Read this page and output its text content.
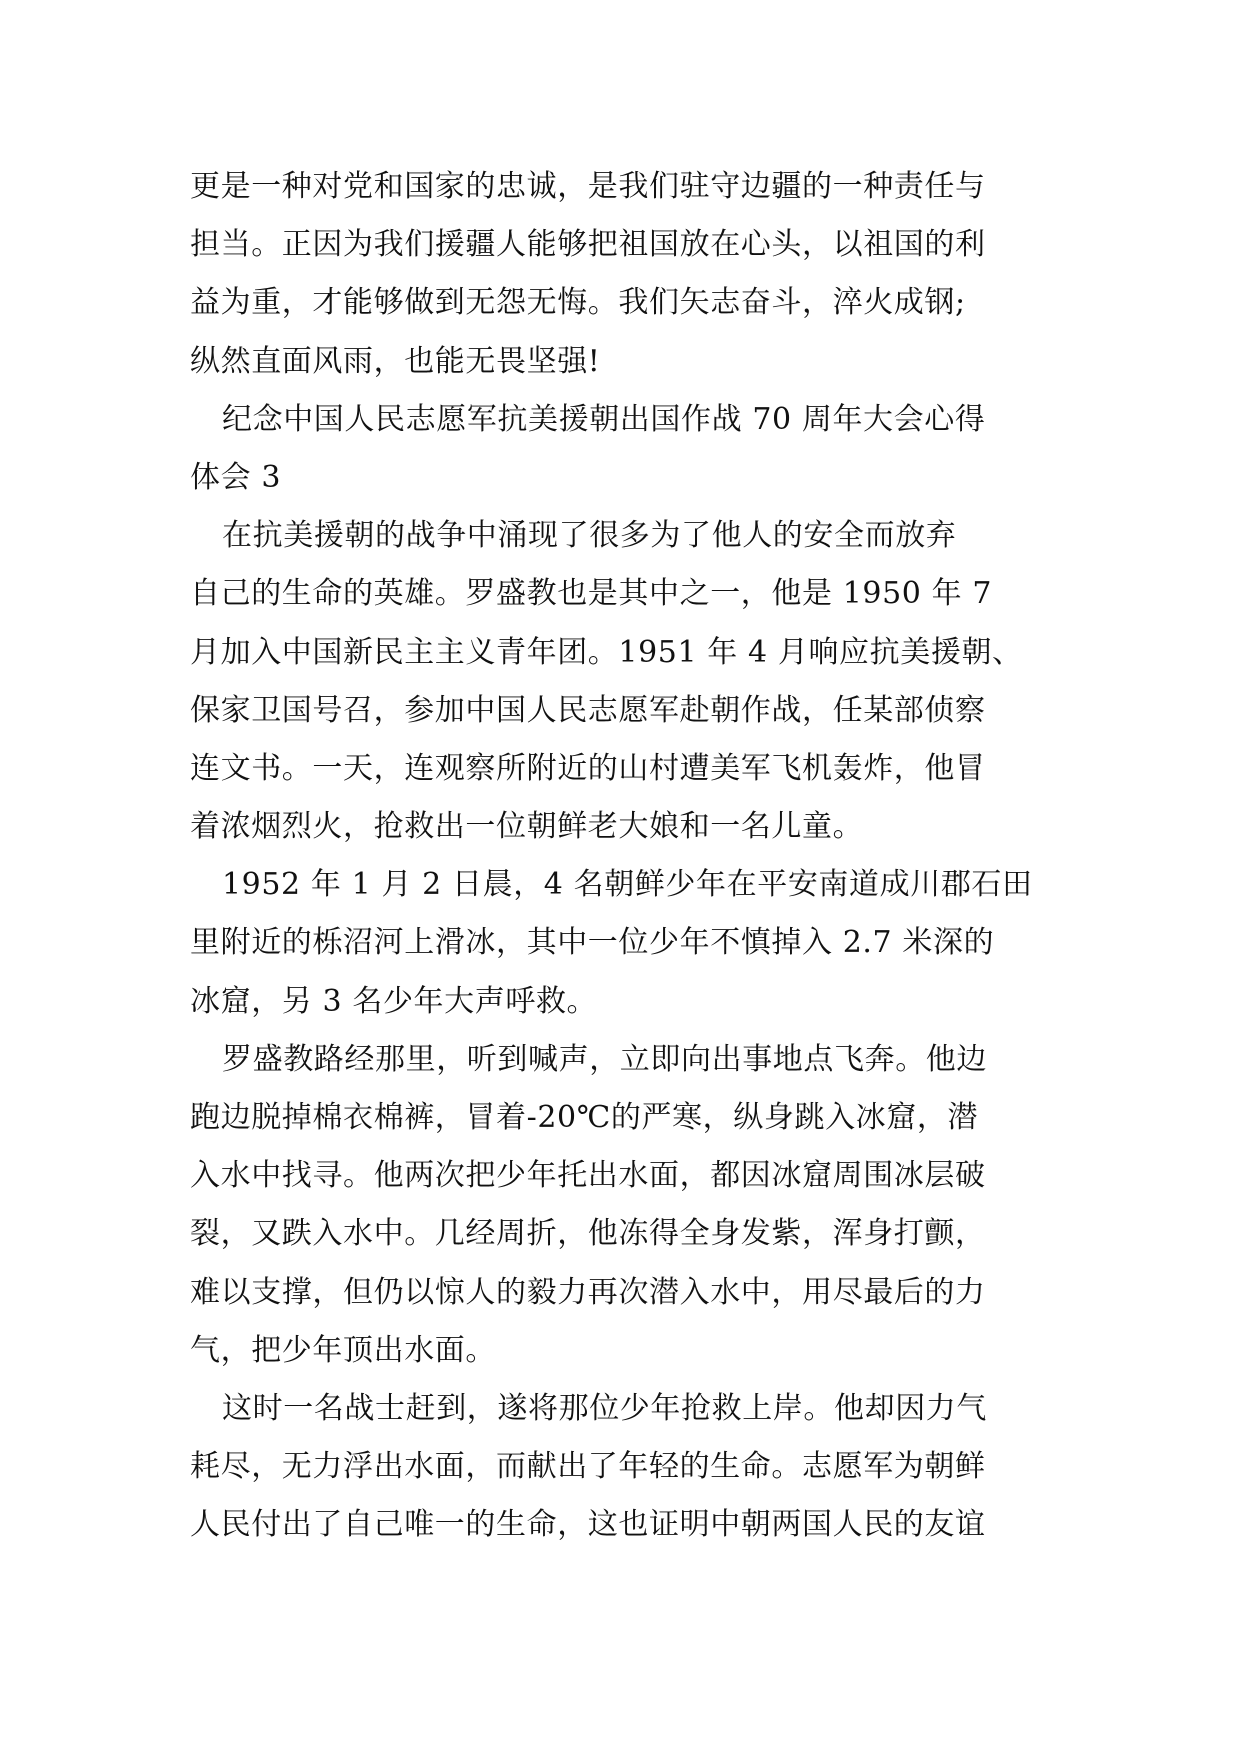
更是一种对党和国家的忠诚，是我们驻守边疆的一种责任与
担当。正因为我们援疆人能够把祖国放在心头，以祖国的利
益为重，才能够做到无怨无悔。我们矢志奋斗，淬火成钢;
纵然直面风雨，也能无畏坚强!
纪念中国人民志愿军抗美援朝出国作战 70 周年大会心得
体会 3
在抗美援朝的战争中涌现了很多为了他人的安全而放弃
自己的生命的英雄。罗盛教也是其中之一，他是 1950 年 7
月加入中国新民主主义青年团。1951 年 4 月响应抗美援朝、
保家卫国号召，参加中国人民志愿军赴朝作战，任某部侦察
连文书。一天，连观察所附近的山村遭美军飞机轰炸，他冒
着浓烟烈火，抢救出一位朝鲜老大娘和一名儿童。
1952 年 1 月 2 日晨，4 名朝鲜少年在平安南道成川郡石田
里附近的栎沼河上滑冰，其中一位少年不慎掉入 2.7 米深的
冰窟，另 3 名少年大声呼救。
罗盛教路经那里，听到喊声，立即向出事地点飞奔。他边
跑边脱掉棉衣棉裤，冒着-20℃的严寒，纵身跳入冰窟，潜
入水中找寻。他两次把少年托出水面，都因冰窟周围冰层破
裂，又跌入水中。几经周折，他冻得全身发紫，浑身打颤，
难以支撑，但仍以惊人的毅力再次潜入水中，用尽最后的力
气，把少年顶出水面。
这时一名战士赶到，遂将那位少年抢救上岸。他却因力气
耗尽，无力浮出水面，而献出了年轻的生命。志愿军为朝鲜
人民付出了自己唯一的生命，这也证明中朝两国人民的友谊
